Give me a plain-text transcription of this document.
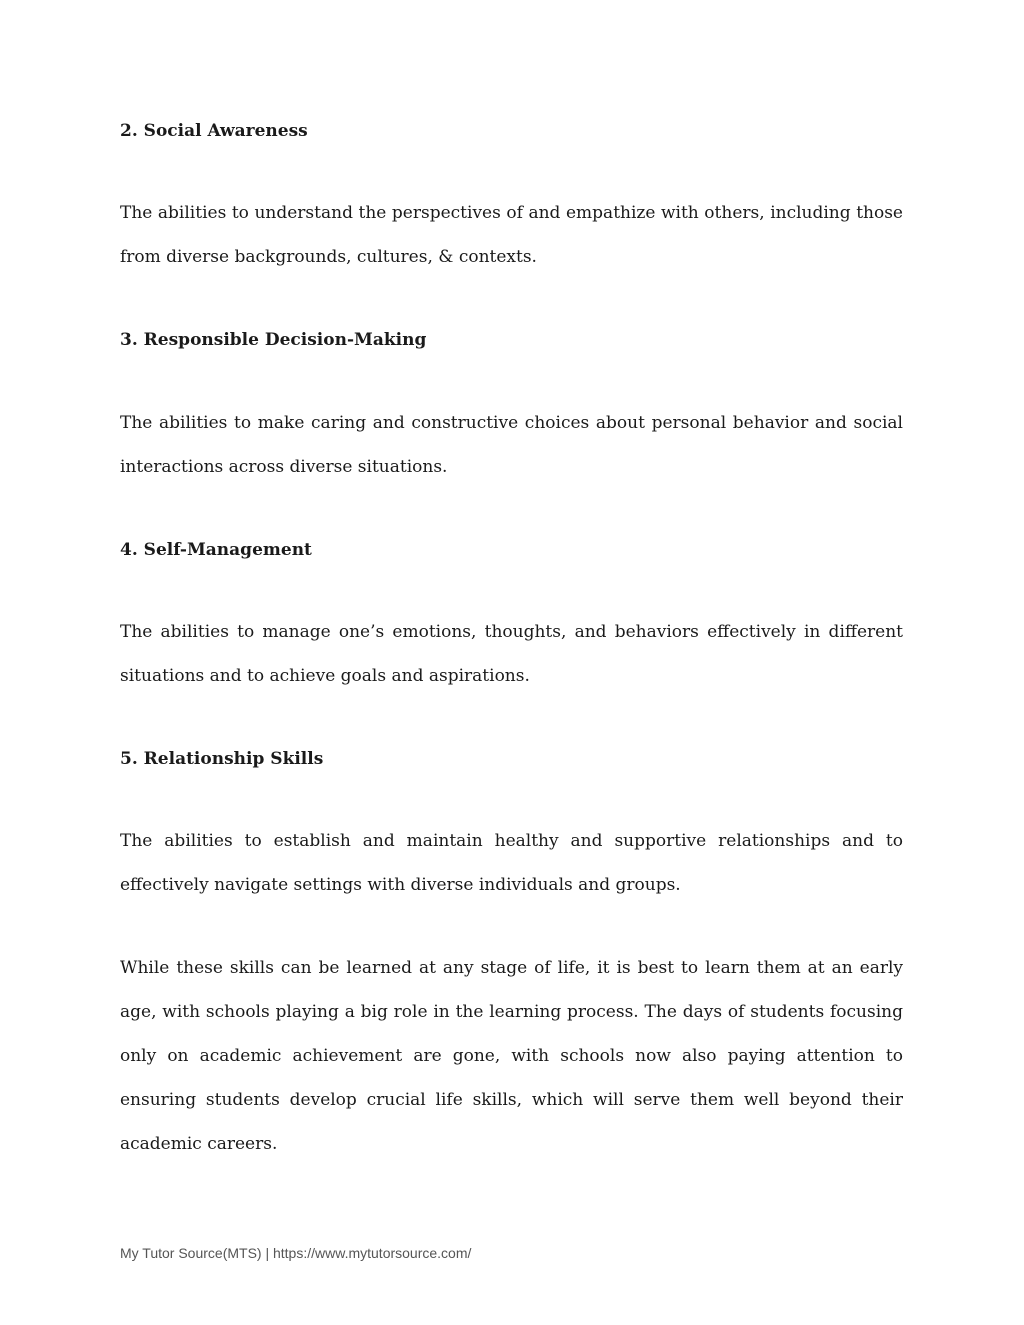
2. Social Awareness

The abilities to understand the perspectives of and empathize with others, including those from diverse backgrounds, cultures, & contexts.

3. Responsible Decision-Making

The abilities to make caring and constructive choices about personal behavior and social interactions across diverse situations.

4. Self-Management

The abilities to manage one’s emotions, thoughts, and behaviors effectively in different situations and to achieve goals and aspirations.

5. Relationship Skills

The abilities to establish and maintain healthy and supportive relationships and to effectively navigate settings with diverse individuals and groups.

While these skills can be learned at any stage of life, it is best to learn them at an early age, with schools playing a big role in the learning process. The days of students focusing only on academic achievement are gone, with schools now also paying attention to ensuring students develop crucial life skills, which will serve them well beyond their academic careers.

My Tutor Source(MTS) | https://www.mytutorsource.com/
